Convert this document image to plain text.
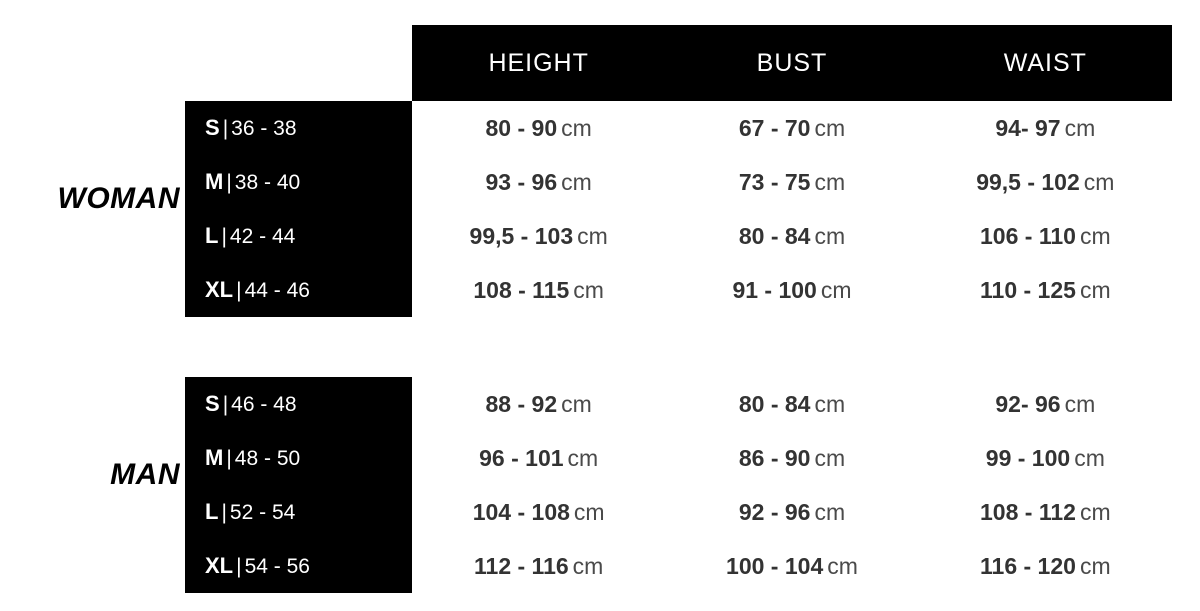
HEIGHT	BUST	WAIST
WOMAN
S | 36 - 38	80 - 90 cm	67 - 70 cm	94- 97 cm
M | 38 - 40	93 - 96 cm	73 - 75 cm	99,5 - 102 cm
L | 42 - 44	99,5 - 103 cm	80 - 84 cm	106 - 110 cm
XL | 44 - 46	108 - 115 cm	91 - 100 cm	110 - 125 cm
MAN
S | 46 - 48	88 - 92 cm	80 - 84 cm	92- 96 cm
M | 48 - 50	96 - 101 cm	86 - 90 cm	99 - 100 cm
L | 52 - 54	104 - 108 cm	92 - 96 cm	108 - 112 cm
XL | 54 - 56	112 - 116 cm	100 - 104 cm	116 - 120 cm
